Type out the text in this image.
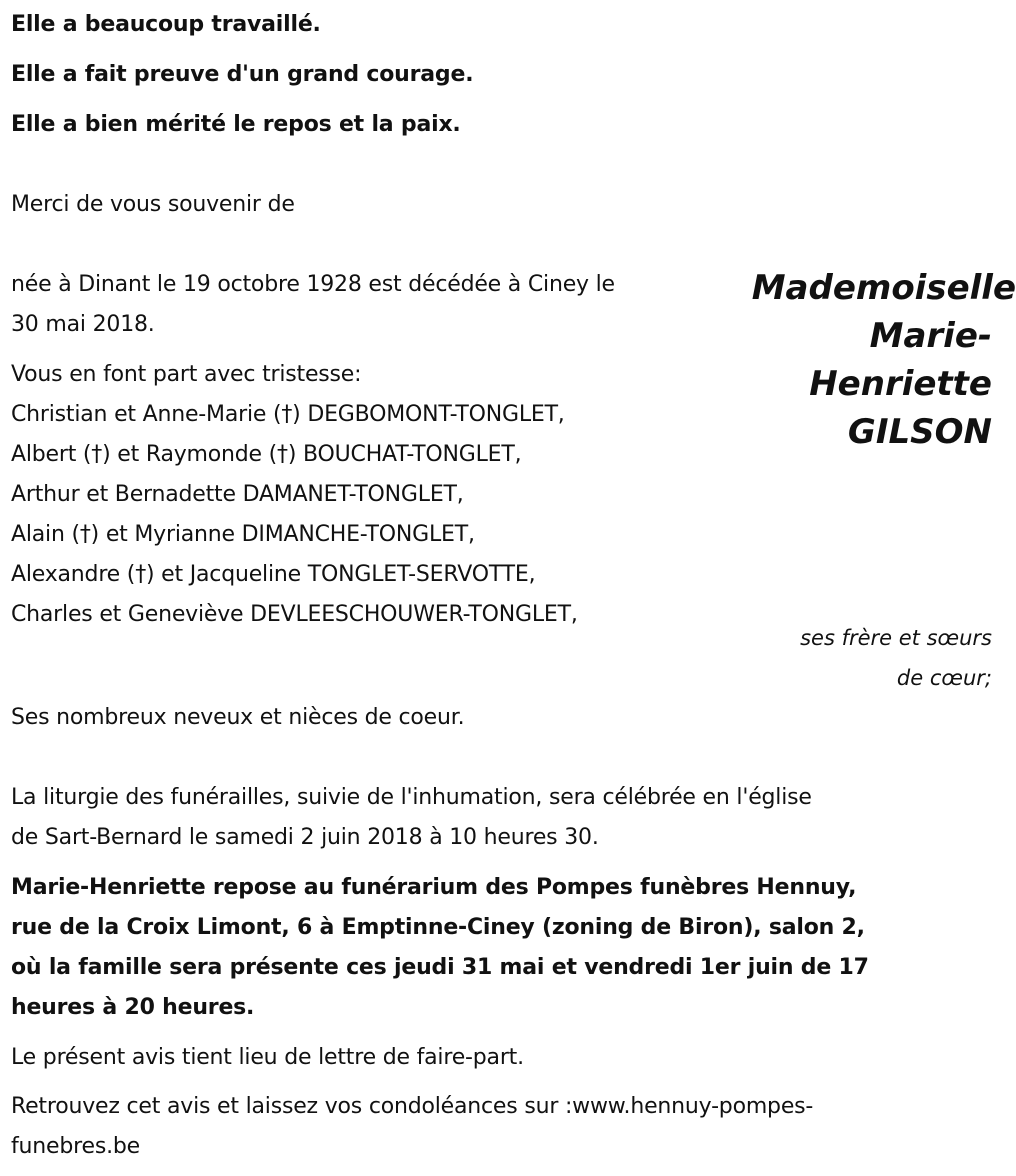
Elle a beaucoup travaillé.
Elle a fait preuve d'un grand courage.
Elle a bien mérité le repos et la paix.
Merci de vous souvenir de
née à Dinant le 19 octobre 1928 est décédée à Ciney le
30 mai 2018.
Mademoiselle
Marie-
Henriette
GILSON
Vous en font part avec tristesse:
Christian et Anne-Marie (†) DEGBOMONT-TONGLET,
Albert (†) et Raymonde (†) BOUCHAT-TONGLET,
Arthur et Bernadette DAMANET-TONGLET,
Alain (†) et Myrianne DIMANCHE-TONGLET,
Alexandre (†) et Jacqueline TONGLET-SERVOTTE,
Charles et Geneviève DEVLEESCHOUWER-TONGLET,
ses frère et sœurs
de cœur;
Ses nombreux neveux et nièces de coeur.
La liturgie des funérailles, suivie de l'inhumation, sera célébrée en l'église
de Sart-Bernard le samedi 2 juin 2018 à 10 heures 30.
Marie-Henriette repose au funérarium des Pompes funèbres Hennuy,
rue de la Croix Limont, 6 à Emptinne-Ciney (zoning de Biron), salon 2,
où la famille sera présente ces jeudi 31 mai et vendredi 1er juin de 17
heures à 20 heures.
Le présent avis tient lieu de lettre de faire-part.
Retrouvez cet avis et laissez vos condoléances sur :www.hennuy-pompes-
funebres.be
